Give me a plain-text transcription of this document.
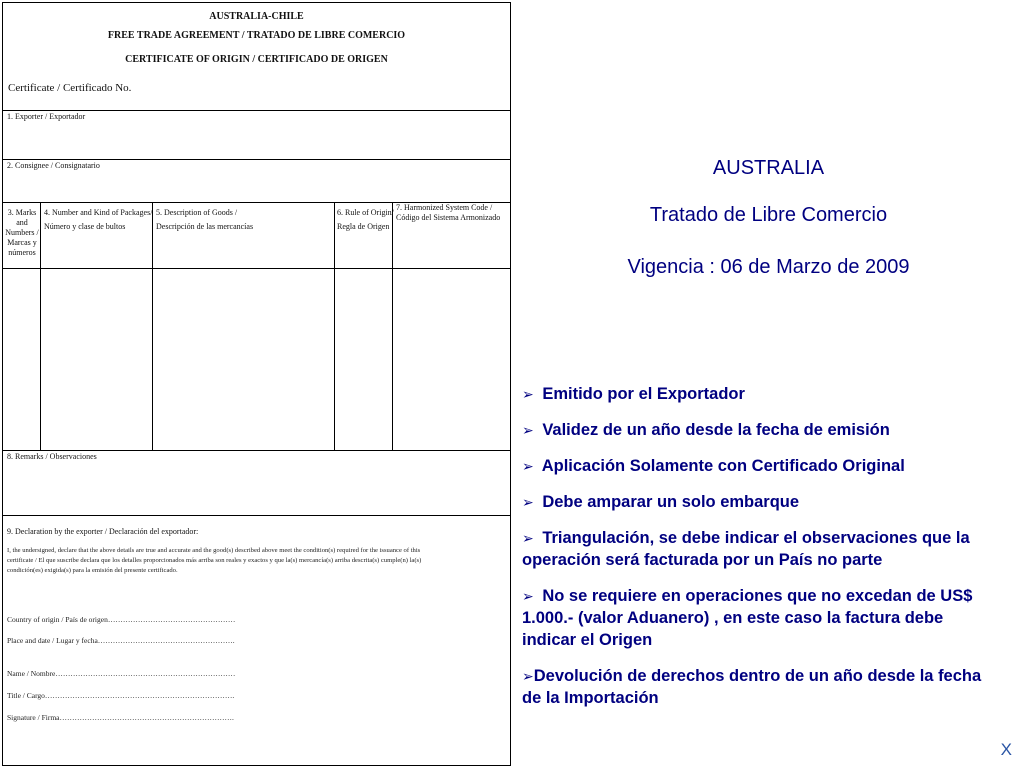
AUSTRALIA-CHILE
FREE TRADE AGREEMENT / TRATADO DE LIBRE COMERCIO
CERTIFICATE OF ORIGIN / CERTIFICADO DE ORIGEN
Certificate / Certificado No.
1. Exporter / Exportador
2. Consignee / Consignatario
3. Marks
and
Numbers /
Marcas y
números
4. Number and Kind of Packages/
Número y clase de bultos
5. Description of Goods /
Descripción de las mercancías
6. Rule of Origin/
Regla de Origen
7. Harmonized System Code /
Código del Sistema Armonizado
8. Remarks / Observaciones
9. Declaration by the exporter / Declaración del exportador:
I, the undersigned, declare that the above details are true and accurate and the good(s) described above meet the condition(s) required for the issuance of this
certificate / El que suscribe declara que los detalles proporcionados más arriba son reales y exactos y que la(s) mercancía(s) arriba descrita(s) cumple(n) la(s)
condición(es) exigida(s) para la emisión del presente certificado.
Country of origin / País de origen……………………………………………
Place and date / Lugar y fecha……………………………………………….
Name / Nombre………………………………………………………………
Title / Cargo………………………………………………………………….
Signature / Firma…………………………………………………………….
AUSTRALIA
Tratado de Libre Comercio
Vigencia : 06 de Marzo de 2009
➢ Emitido por el Exportador
➢ Validez de un año desde la fecha de emisión
➢ Aplicación Solamente con Certificado Original
➢ Debe amparar un solo embarque
➢ Triangulación, se debe indicar el observaciones que la operación será facturada por un País no parte
➢ No se requiere en operaciones que no excedan de US$ 1.000.- (valor Aduanero) , en este caso la factura debe indicar el Origen
➢Devolución de derechos dentro de un año desde la fecha de la Importación
X
